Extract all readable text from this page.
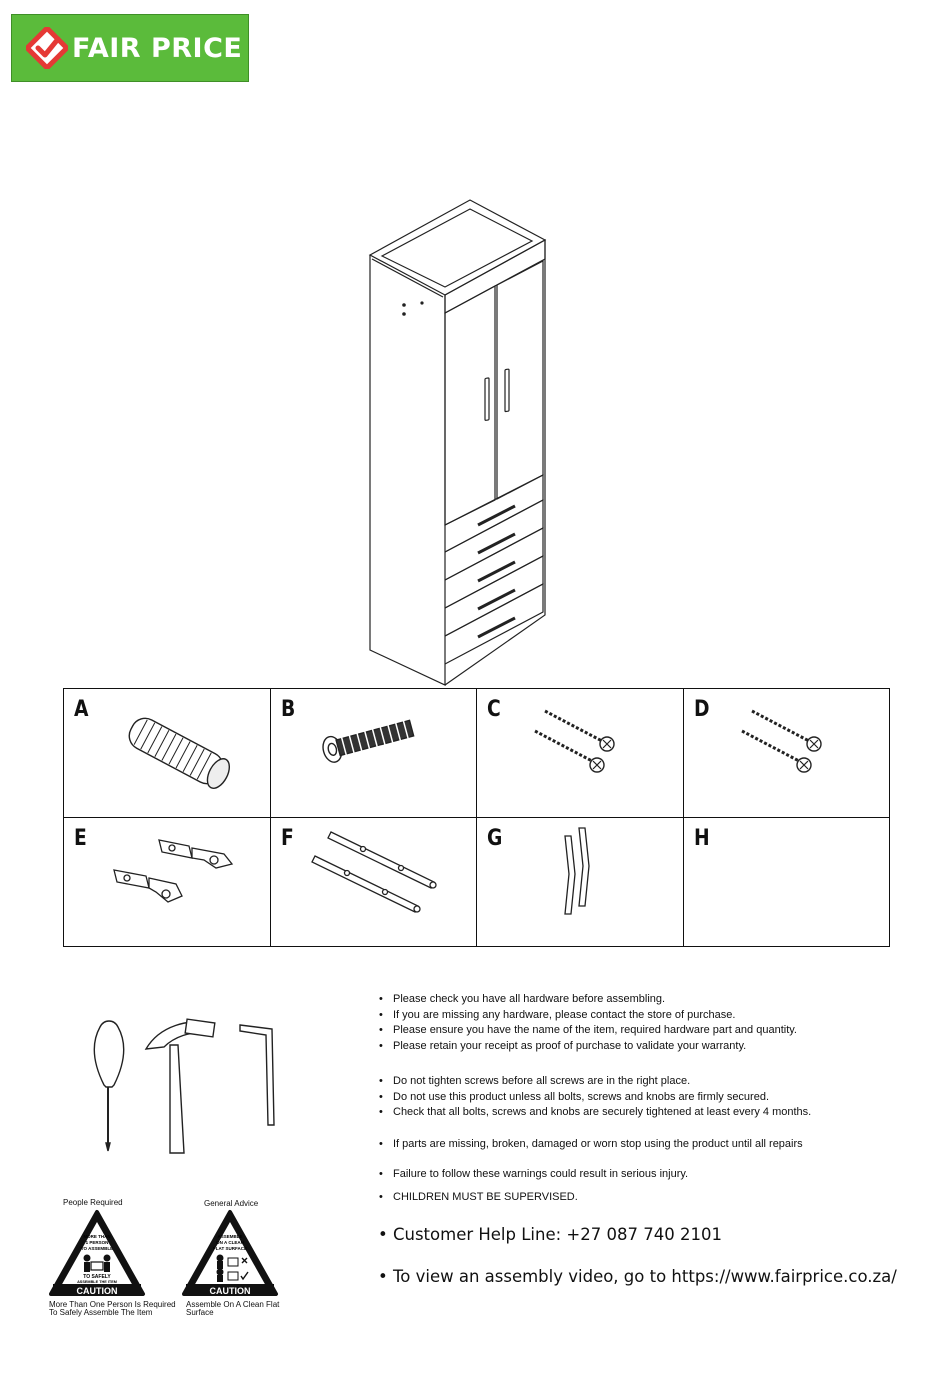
FAIR PRICE
A	B	C	D

E	F	G	H
• Please check you have all hardware before assembling.
• If you are missing any hardware, please contact the store of purchase.
• Please ensure you have the name of the item, required hardware part and quantity.
• Please retain your receipt as proof of purchase to validate your warranty.
• Do not tighten screws before all screws are in the right place.
• Do not use this product unless all bolts, screws and knobs are firmly secured.
• Check that all bolts, screws and knobs are securely tightened at least every 4 months.
• If parts are missing, broken, damaged or worn stop using the product until all repairs
• Failure to follow these warnings could result in serious injury.
• CHILDREN MUST BE SUPERVISED.
• Customer Help Line: +27 087 740 2101
• To view an assembly video, go to https://www.fairprice.co.za/
People Required
MORE THAN
1 PERSON
TO ASSEMBLE
TO SAFELY
ASSEMBLE THE ITEM
CAUTION
More Than One Person Is Required
To Safely Assemble The Item
General Advice
ASSEMBLE
ON A CLEAN
FLAT SURFACE
CAUTION
Assemble On A Clean Flat
Surface
